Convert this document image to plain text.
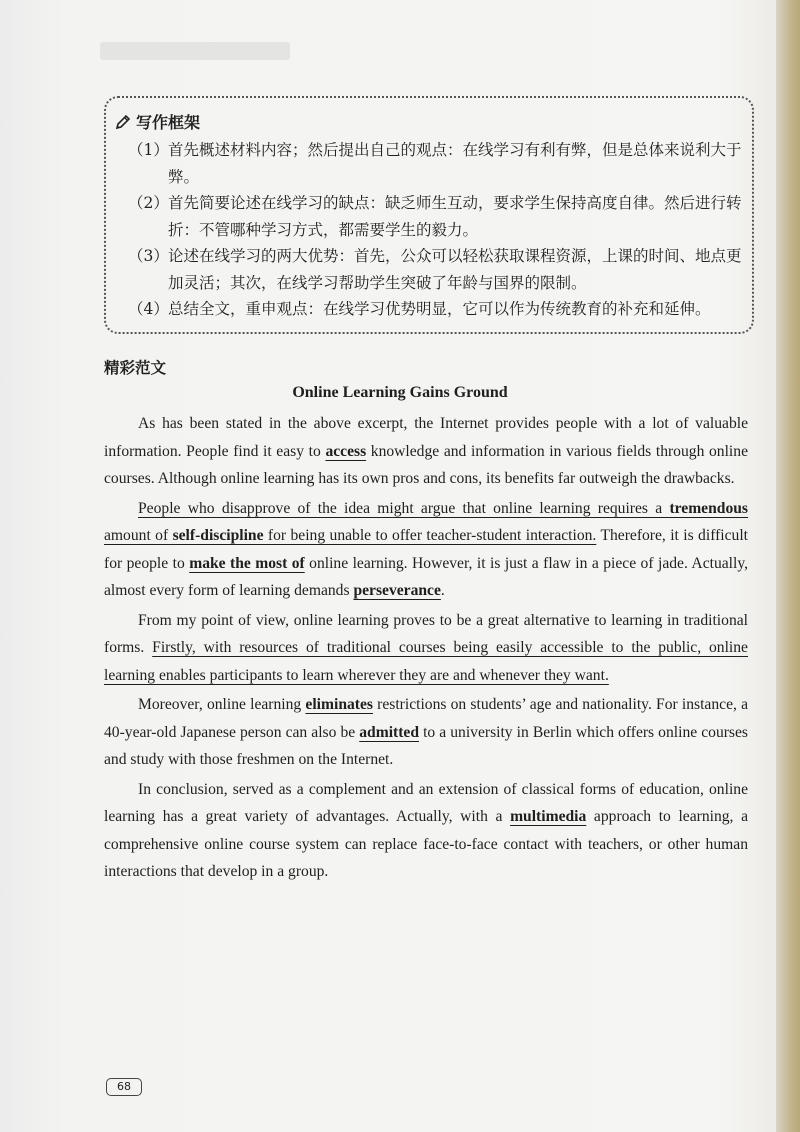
写作框架
（1） 首先概述材料内容；然后提出自己的观点：在线学习有利有弊，但是总体来说利大于弊。
（2） 首先简要论述在线学习的缺点：缺乏师生互动，要求学生保持高度自律。然后进行转折：不管哪种学习方式，都需要学生的毅力。
（3） 论述在线学习的两大优势：首先，公众可以轻松获取课程资源，上课的时间、地点更加灵活；其次，在线学习帮助学生突破了年龄与国界的限制。
（4） 总结全文，重申观点：在线学习优势明显，它可以作为传统教育的补充和延伸。
精彩范文
Online Learning Gains Ground

As has been stated in the above excerpt, the Internet provides people with a lot of valuable information. People find it easy to access knowledge and information in various fields through online courses. Although online learning has its own pros and cons, its benefits far outweigh the drawbacks.

People who disapprove of the idea might argue that online learning requires a tremendous amount of self-discipline for being unable to offer teacher-student interaction. Therefore, it is difficult for people to make the most of online learning. However, it is just a flaw in a piece of jade. Actually, almost every form of learning demands perseverance.

From my point of view, online learning proves to be a great alternative to learning in traditional forms. Firstly, with resources of traditional courses being easily accessible to the public, online learning enables participants to learn wherever they are and whenever they want.

Moreover, online learning eliminates restrictions on students’ age and nationality. For instance, a 40-year-old Japanese person can also be admitted to a university in Berlin which offers online courses and study with those freshmen on the Internet.

In conclusion, served as a complement and an extension of classical forms of education, online learning has a great variety of advantages. Actually, with a multimedia approach to learning, a comprehensive online course system can replace face-to-face contact with teachers, or other human interactions that develop in a group.

68
